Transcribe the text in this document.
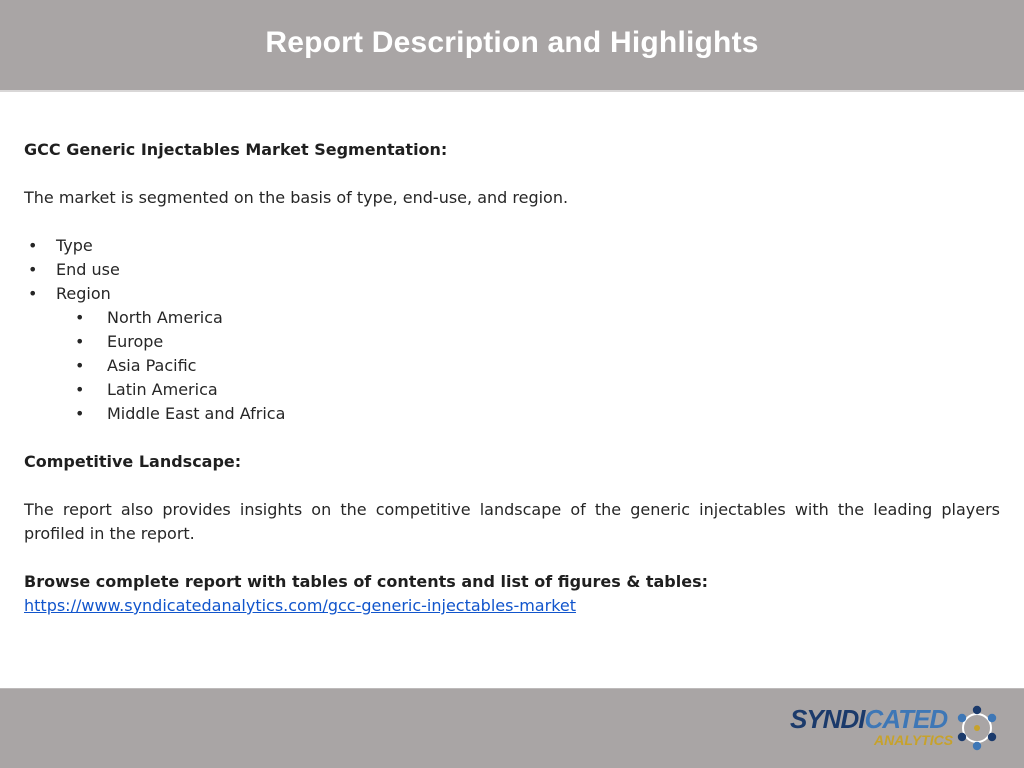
Report Description and Highlights

GCC Generic Injectables Market Segmentation:

The market is segmented on the basis of type, end-use, and region.

• Type
• End use
• Region
• North America
• Europe
• Asia Pacific
• Latin America
• Middle East and Africa

Competitive Landscape:

The report also provides insights on the competitive landscape of the generic injectables with the leading players profiled in the report.

Browse complete report with tables of contents and list of figures & tables:

https://www.syndicatedanalytics.com/gcc-generic-injectables-market

SYNDICATED
ANALYTICS
